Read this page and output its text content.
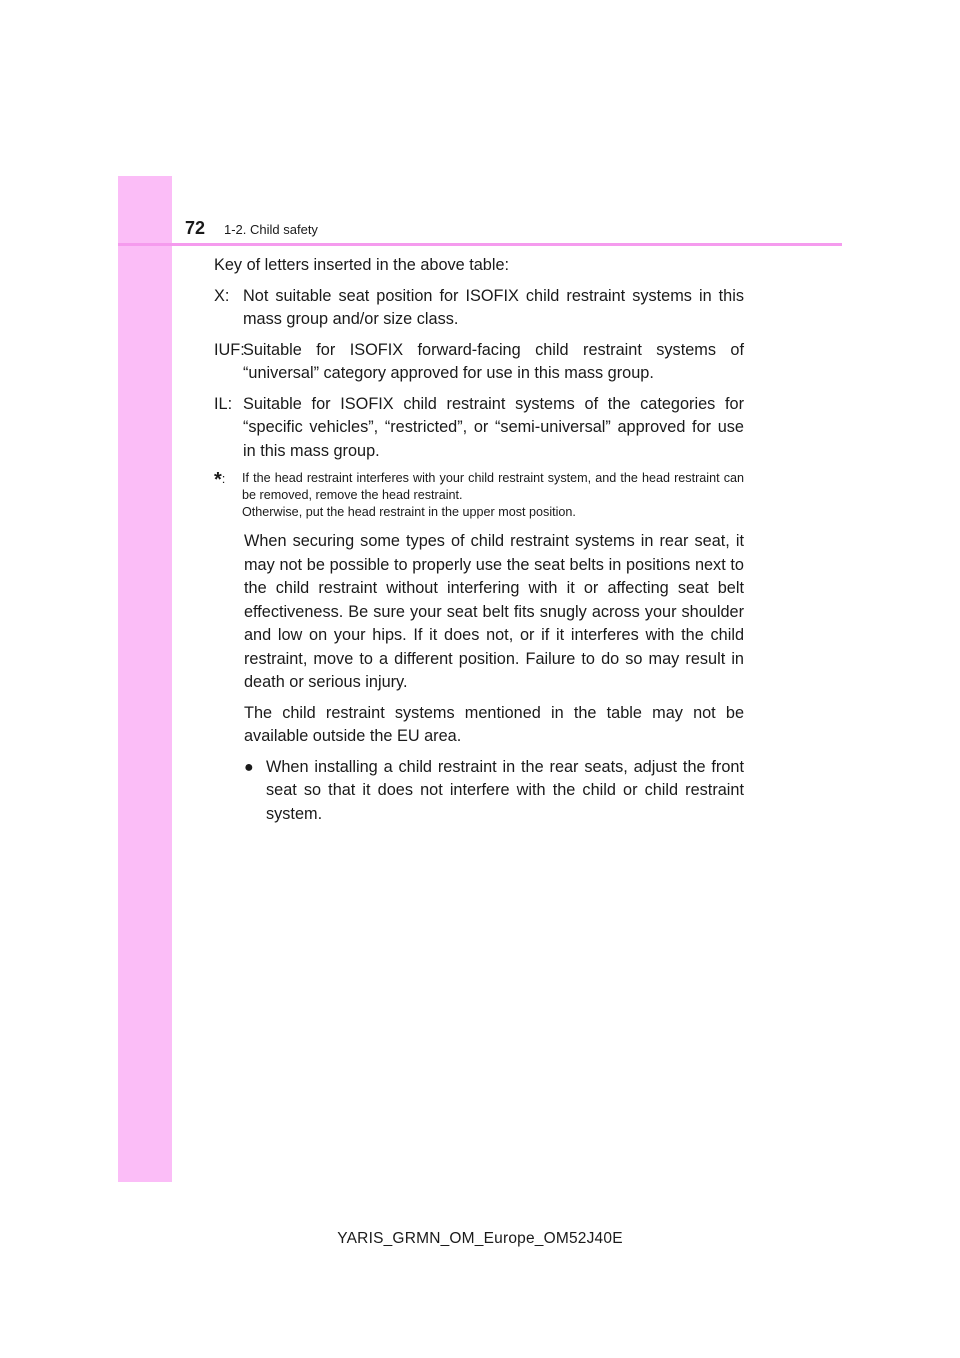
72 1-2. Child safety

Key of letters inserted in the above table:

X: Not suitable seat position for ISOFIX child restraint systems in this mass group and/or size class.
IUF:
Suitable for ISOFIX forward-facing child restraint systems of “universal” category approved for use in this mass group.
IL: Suitable for ISOFIX child restraint systems of the categories for “specific vehicles”, “restricted”, or “semi-universal” approved for use in this mass group.
*:	If the head restraint interferes with your child restraint system, and the head restraint can be removed, remove the head restraint.
Otherwise, put the head restraint in the upper most position.

When securing some types of child restraint systems in rear seat, it may not be possible to properly use the seat belts in positions next to the child restraint without interfering with it or affecting seat belt effectiveness. Be sure your seat belt fits snugly across your shoulder and low on your hips. If it does not, or if it interferes with the child restraint, move to a different position. Failure to do so may result in death or serious injury.

The child restraint systems mentioned in the table may not be available outside the EU area.

● When installing a child restraint in the rear seats, adjust the front seat so that it does not interfere with the child or child restraint system.
YARIS_GRMN_OM_Europe_OM52J40E
